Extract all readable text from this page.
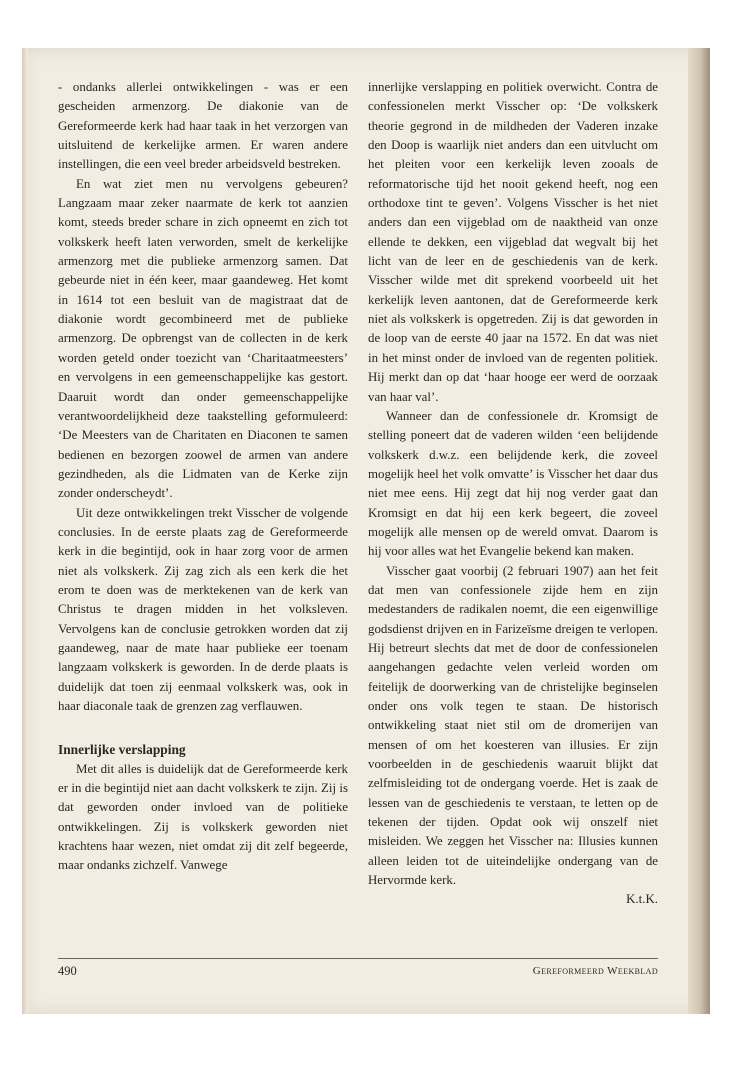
- ondanks allerlei ontwikkelingen - was er een gescheiden armenzorg. De diakonie van de Gereformeerde kerk had haar taak in het verzorgen van uitsluitend de kerkelijke armen. Er waren andere instellingen, die een veel breder arbeidsveld bestreken.

En wat ziet men nu vervolgens gebeuren? Langzaam maar zeker naarmate de kerk tot aanzien komt, steeds breder schare in zich opneemt en zich tot volkskerk heeft laten verworden, smelt de kerkelijke armenzorg met die publieke armenzorg samen. Dat gebeurde niet in één keer, maar gaandeweg. Het komt in 1614 tot een besluit van de magistraat dat de diakonie wordt gecombineerd met de publieke armenzorg. De opbrengst van de collecten in de kerk worden geteld onder toezicht van ‘Charitaatmeesters’ en vervolgens in een gemeenschappelijke kas gestort. Daaruit wordt dan onder gemeenschappelijke verantwoordelijkheid deze taakstelling geformuleerd: ‘De Meesters van de Charitaten en Diaconen te samen bedienen en bezorgen zoowel de armen van andere gezindheden, als die Lidmaten van de Kerke zijn zonder onderscheydt’.

Uit deze ontwikkelingen trekt Visscher de volgende conclusies. In de eerste plaats zag de Gereformeerde kerk in die begintijd, ook in haar zorg voor de armen niet als volkskerk. Zij zag zich als een kerk die het erom te doen was de merktekenen van de kerk van Christus te dragen midden in het volksleven. Vervolgens kan de conclusie getrokken worden dat zij gaandeweg, naar de mate haar publieke eer toenam langzaam volkskerk is geworden. In de derde plaats is duidelijk dat toen zij eenmaal volkskerk was, ook in haar diaconale taak de grenzen zag verflauwen.

Innerlijke verslapping

Met dit alles is duidelijk dat de Gereformeerde kerk er in die begintijd niet aan dacht volkskerk te zijn. Zij is dat geworden onder invloed van de politieke ontwikkelingen. Zij is volkskerk geworden niet krachtens haar wezen, niet omdat zij dit zelf begeerde, maar ondanks zichzelf. Vanwege

innerlijke verslapping en politiek overwicht. Contra de confessionelen merkt Visscher op: ‘De volkskerk theorie gegrond in de mildheden der Vaderen inzake den Doop is waarlijk niet anders dan een uitvlucht om het pleiten voor een kerkelijk leven zooals de reformatorische tijd het nooit gekend heeft, nog een orthodoxe tint te geven’. Volgens Visscher is het niet anders dan een vijgeblad om de naaktheid van onze ellende te dekken, een vijgeblad dat wegvalt bij het licht van de leer en de geschiedenis van de kerk. Visscher wilde met dit sprekend voorbeeld uit het kerkelijk leven aantonen, dat de Gereformeerde kerk niet als volkskerk is opgetreden. Zij is dat geworden in de loop van de eerste 40 jaar na 1572. En dat was niet in het minst onder de invloed van de regenten politiek. Hij merkt dan op dat ‘haar hooge eer werd de oorzaak van haar val’.

Wanneer dan de confessionele dr. Kromsigt de stelling poneert dat de vaderen wilden ‘een belijdende volkskerk d.w.z. een belijdende kerk, die zoveel mogelijk heel het volk omvatte’ is Visscher het daar dus niet mee eens. Hij zegt dat hij nog verder gaat dan Kromsigt en dat hij een kerk begeert, die zoveel mogelijk alle mensen op de wereld omvat. Daarom is hij voor alles wat het Evangelie bekend kan maken.

Visscher gaat voorbij (2 februari 1907) aan het feit dat men van confessionele zijde hem en zijn medestanders de radikalen noemt, die een eigenwillige godsdienst drijven en in Farizeïsme dreigen te verlopen. Hij betreurt slechts dat met de door de confessionelen aangehangen gedachte velen verleid worden om feitelijk de doorwerking van de christelijke beginselen onder ons volk tegen te staan. De historisch ontwikkeling staat niet stil om de dromerijen van mensen of om het koesteren van illusies. Er zijn voorbeelden in de geschiedenis waaruit blijkt dat zelfmisleiding tot de ondergang voerde. Het is zaak de lessen van de geschiedenis te verstaan, te letten op de tekenen der tijden. Opdat ook wij onszelf niet misleiden. We zeggen het Visscher na: Illusies kunnen alleen leiden tot de uiteindelijke ondergang van de Hervormde kerk.

K.t.K.

490	Gereformeerd Weekblad
